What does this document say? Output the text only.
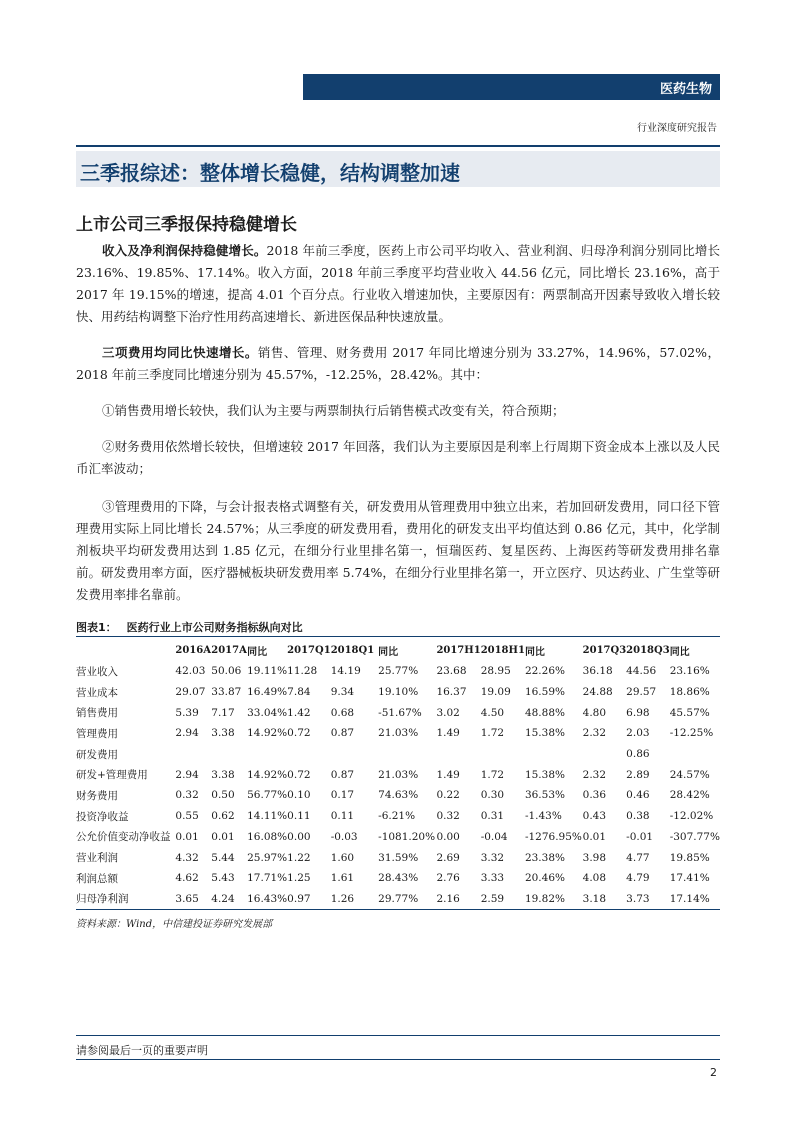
医药生物
行业深度研究报告
三季报综述：整体增长稳健，结构调整加速
上市公司三季报保持稳健增长
收入及净利润保持稳健增长。2018 年前三季度，医药上市公司平均收入、营业利润、归母净利润分别同比增长 23.16%、19.85%、17.14%。收入方面，2018 年前三季度平均营业收入 44.56 亿元，同比增长 23.16%，高于 2017 年 19.15%的增速，提高 4.01 个百分点。行业收入增速加快，主要原因有：两票制高开因素导致收入增长较快、用药结构调整下治疗性用药高速增长、新进医保品种快速放量。
三项费用均同比快速增长。销售、管理、财务费用 2017 年同比增速分别为 33.27%，14.96%，57.02%，2018 年前三季度同比增速分别为 45.57%，-12.25%，28.42%。其中：
①销售费用增长较快，我们认为主要与两票制执行后销售模式改变有关，符合预期；
②财务费用依然增长较快，但增速较 2017 年回落，我们认为主要原因是利率上行周期下资金成本上涨以及人民币汇率波动；
③管理费用的下降，与会计报表格式调整有关，研发费用从管理费用中独立出来，若加回研发费用，同口径下管理费用实际上同比增长 24.57%；从三季度的研发费用看，费用化的研发支出平均值达到 0.86 亿元，其中，化学制剂板块平均研发费用达到 1.85 亿元，在细分行业里排名第一，恒瑞医药、复星医药、上海医药等研发费用排名靠前。研发费用率方面，医疗器械板块研发费用率 5.74%，在细分行业里排名第一，开立医疗、贝达药业、广生堂等研发费用率排名靠前。
图表1： 医药行业上市公司财务指标纵向对比
	2016A	2017A	同比	2017Q1	2018Q1	同比	2017H1	2018H1	同比	2017Q3	2018Q3	同比
营业收入	42.03	50.06	19.11%	11.28	14.19	25.77%	23.68	28.95	22.26%	36.18	44.56	23.16%
营业成本	29.07	33.87	16.49%	7.84	9.34	19.10%	16.37	19.09	16.59%	24.88	29.57	18.86%
销售费用	5.39	7.17	33.04%	1.42	0.68	-51.67%	3.02	4.50	48.88%	4.80	6.98	45.57%
管理费用	2.94	3.38	14.92%	0.72	0.87	21.03%	1.49	1.72	15.38%	2.32	2.03	-12.25%
研发费用											0.86	
研发+管理费用	2.94	3.38	14.92%	0.72	0.87	21.03%	1.49	1.72	15.38%	2.32	2.89	24.57%
财务费用	0.32	0.50	56.77%	0.10	0.17	74.63%	0.22	0.30	36.53%	0.36	0.46	28.42%
投资净收益	0.55	0.62	14.11%	0.11	0.11	-6.21%	0.32	0.31	-1.43%	0.43	0.38	-12.02%
公允价值变动净收益	0.01	0.01	16.08%	0.00	-0.03	-1081.20%	0.00	-0.04	-1276.95%	0.01	-0.01	-307.77%
营业利润	4.32	5.44	25.97%	1.22	1.60	31.59%	2.69	3.32	23.38%	3.98	4.77	19.85%
利润总额	4.62	5.43	17.71%	1.25	1.61	28.43%	2.76	3.33	20.46%	4.08	4.79	17.41%
归母净利润	3.65	4.24	16.43%	0.97	1.26	29.77%	2.16	2.59	19.82%	3.18	3.73	17.14%
资料来源：Wind，中信建投证券研究发展部
请参阅最后一页的重要声明
2
